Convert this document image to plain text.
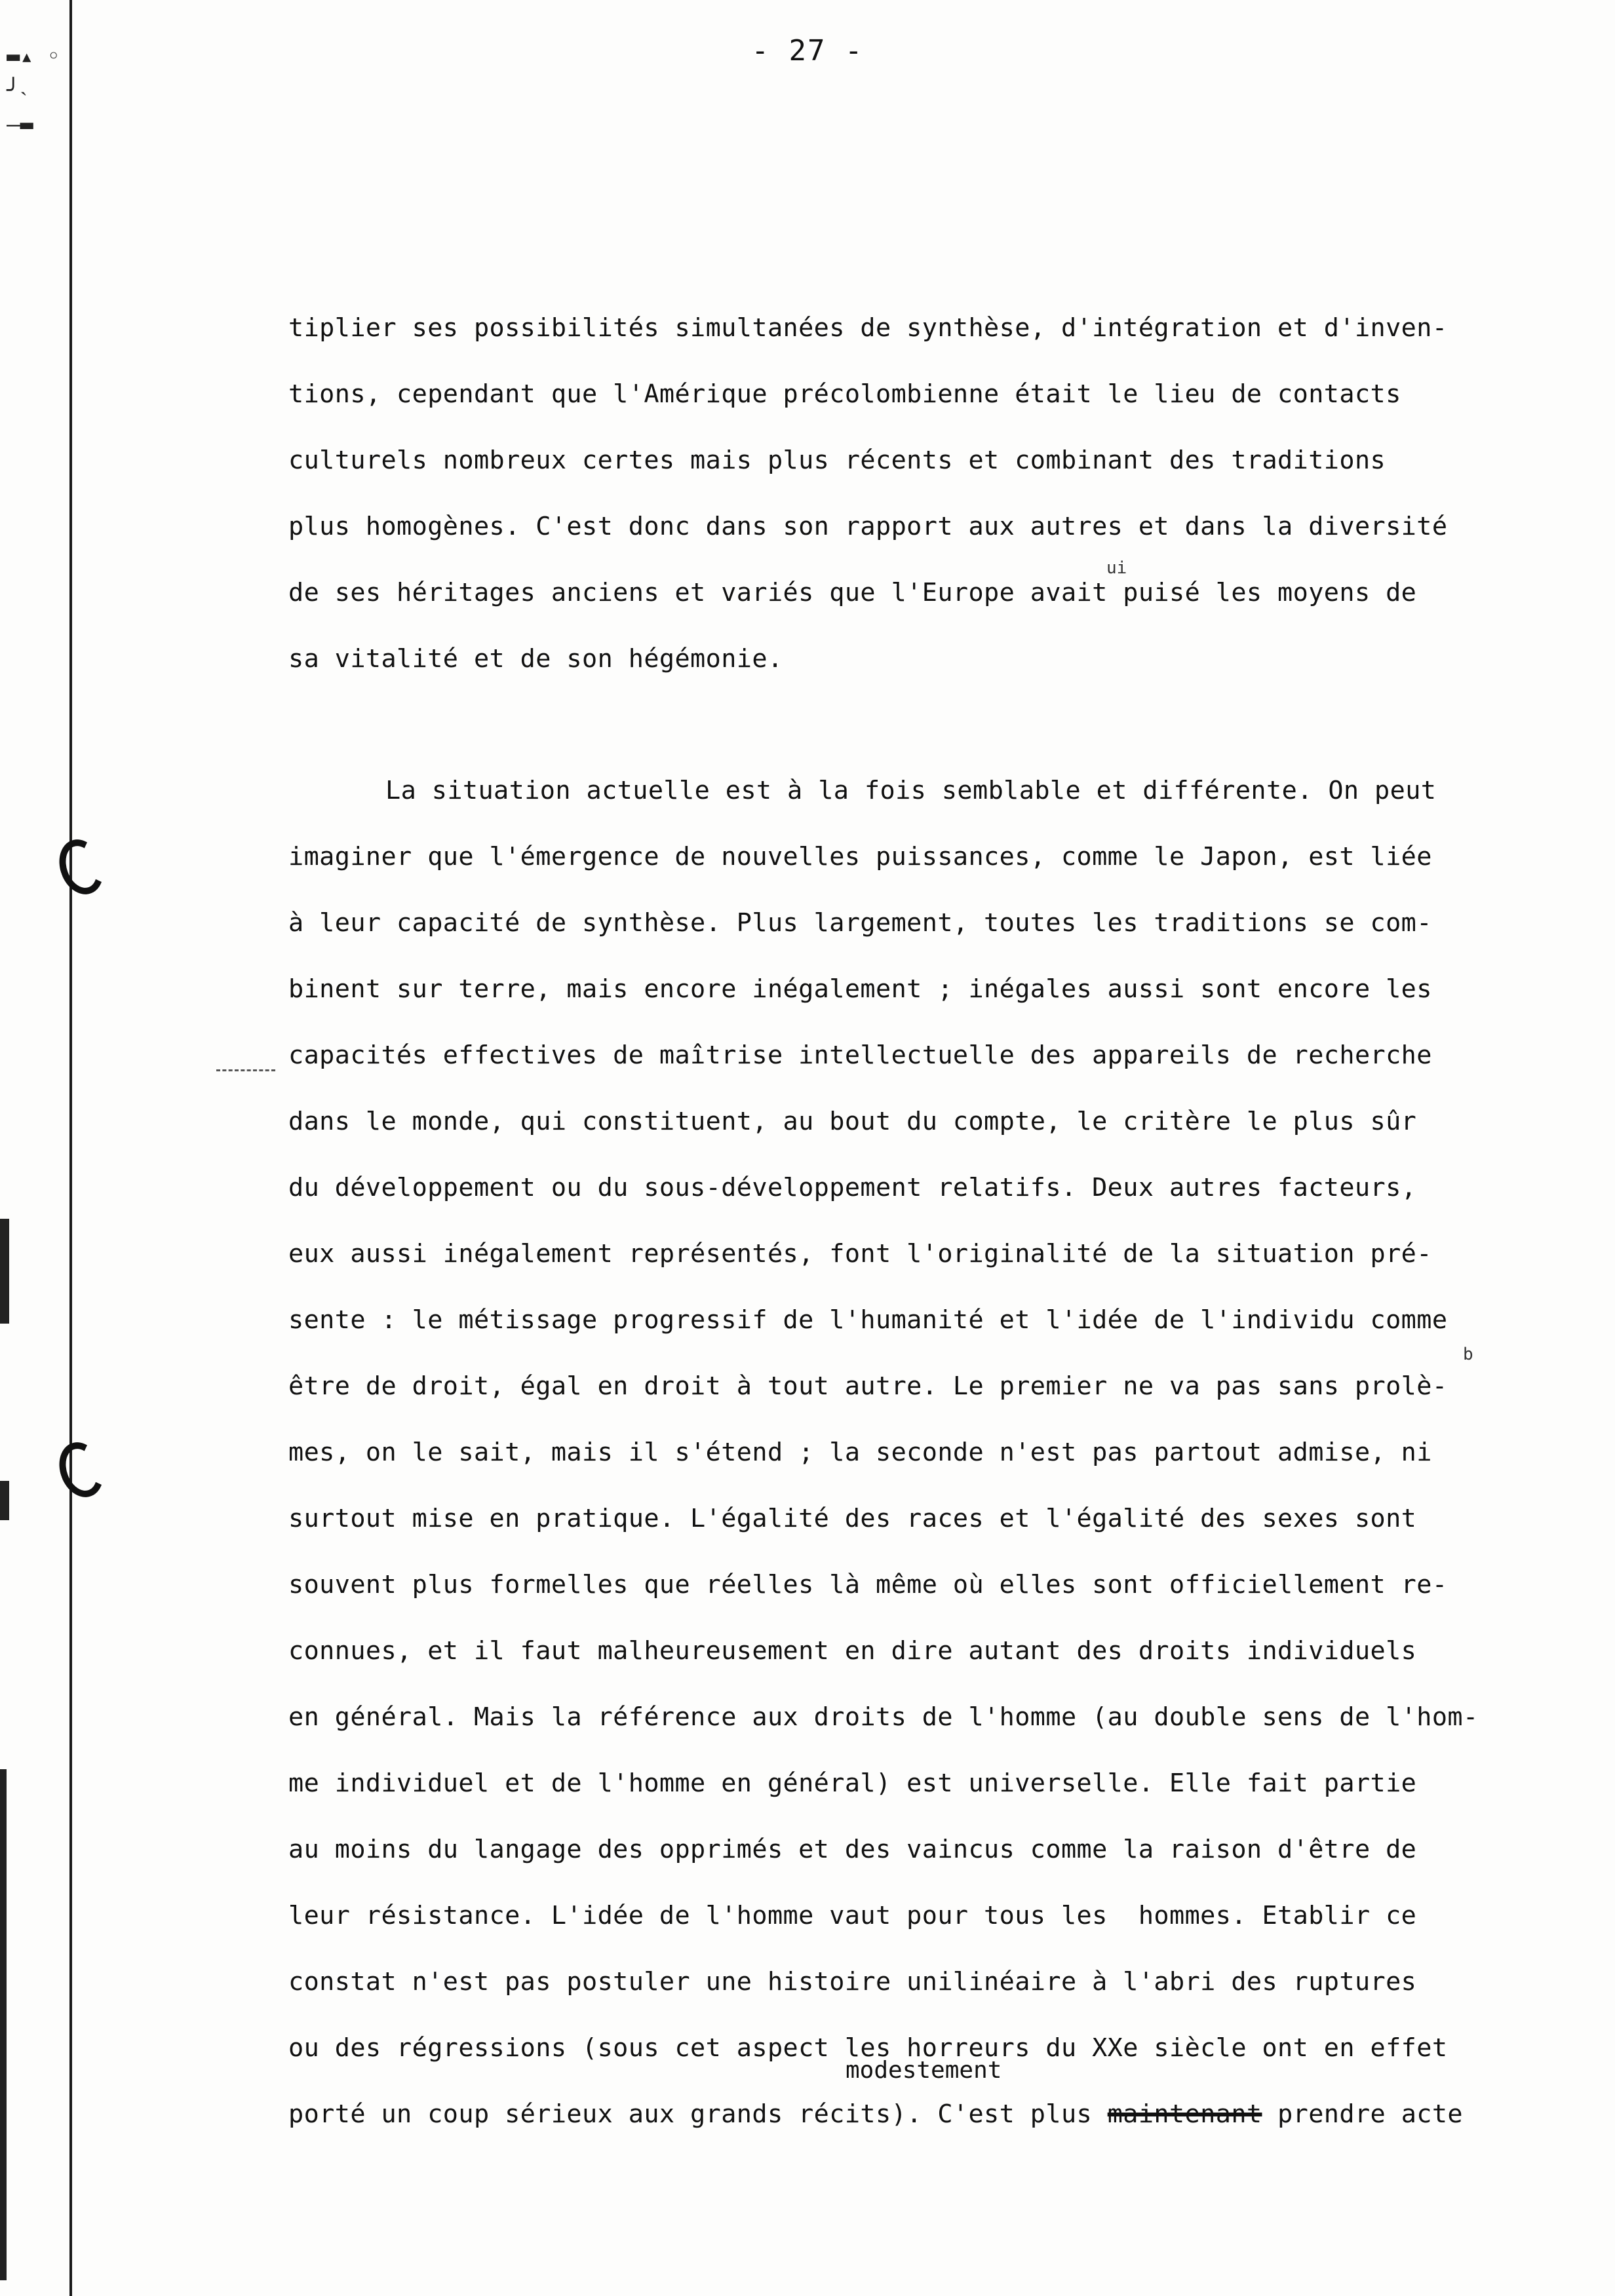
▬▴ ◦
╯˴
‒▬
- 27 -
tiplier ses possibilités simultanées de synthèse, d'intégration et d'inven-
tions, cependant que l'Amérique précolombienne était le lieu de contacts
culturels nombreux certes mais plus récents et combinant des traditions
plus homogènes. C'est donc dans son rapport aux autres et dans la diversité
de ses héritages anciens et variés que l'Europe avait puisé les moyens de
sa vitalité et de son hégémonie.
La situation actuelle est à la fois semblable et différente. On peut
imaginer que l'émergence de nouvelles puissances, comme le Japon, est liée
à leur capacité de synthèse. Plus largement, toutes les traditions se com-
binent sur terre, mais encore inégalement ; inégales aussi sont encore les
capacités effectives de maîtrise intellectuelle des appareils de recherche
dans le monde, qui constituent, au bout du compte, le critère le plus sûr
du développement ou du sous-développement relatifs. Deux autres facteurs,
eux aussi inégalement représentés, font l'originalité de la situation pré-
sente : le métissage progressif de l'humanité et l'idée de l'individu comme
être de droit, égal en droit à tout autre. Le premier ne va pas sans prolè-
mes, on le sait, mais il s'étend ; la seconde n'est pas partout admise, ni
surtout mise en pratique. L'égalité des races et l'égalité des sexes sont
souvent plus formelles que réelles là même où elles sont officiellement re-
connues, et il faut malheureusement en dire autant des droits individuels
en général. Mais la référence aux droits de l'homme (au double sens de l'hom-
me individuel et de l'homme en général) est universelle. Elle fait partie
au moins du langage des opprimés et des vaincus comme la raison d'être de
leur résistance. L'idée de l'homme vaut pour tous les  hommes. Etablir ce
constat n'est pas postuler une histoire unilinéaire à l'abri des ruptures
ou des régressions (sous cet aspect les horreurs du XXe siècle ont en effet
porté un coup sérieux aux grands récits). C'est plus maintenant prendre acte
modestement
ui
b
